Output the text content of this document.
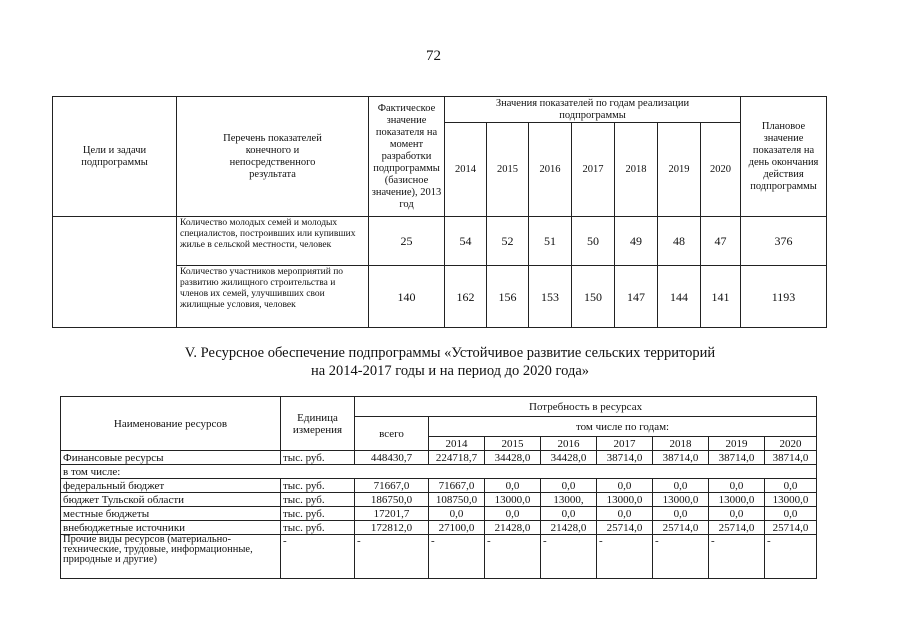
72
Цели и задачи подпрограммы	Перечень показателей конечного и непосредственного результата	Фактическое значение показателя на момент разработки подпрограммы (базисное значение), 2013 год	Значения показателей по годам реализации подпрограммы							Плановое значение показателя на день окончания действия подпрограммы
			2014	2015	2016	2017	2018	2019	2020	
	Количество молодых семей и молодых специалистов, построивших или купивших жилье в сельской местности, человек	25	54	52	51	50	49	48	47	376
	Количество участников мероприятий по развитию жилищного строительства и членов их семей, улучшивших свои жилищные условия, человек	140	162	156	153	150	147	144	141	1193
V. Ресурсное обеспечение подпрограммы «Устойчивое развитие сельских территорий
на 2014-2017 годы и на период до 2020 года»
Наименование ресурсов	Единица измерения	Потребность в ресурсах							
		всего	том числе по годам:						
			2014	2015	2016	2017	2018	2019	2020
Финансовые ресурсы	тыс. руб.	448430,7	224718,7	34428,0	34428,0	38714,0	38714,0	38714,0	38714,0
в том числе:									
федеральный бюджет	тыс. руб.	71667,0	71667,0	0,0	0,0	0,0	0,0	0,0	0,0
бюджет Тульской области	тыс. руб.	186750,0	108750,0	13000,0	13000,	13000,0	13000,0	13000,0	13000,0
местные бюджеты	тыс. руб.	17201,7	0,0	0,0	0,0	0,0	0,0	0,0	0,0
внебюджетные источники	тыс. руб.	172812,0	27100,0	21428,0	21428,0	25714,0	25714,0	25714,0	25714,0
Прочие виды ресурсов (материально-технические, трудовые, информационные, природные и другие)	-	-	-	-	-	-	-	-	-
